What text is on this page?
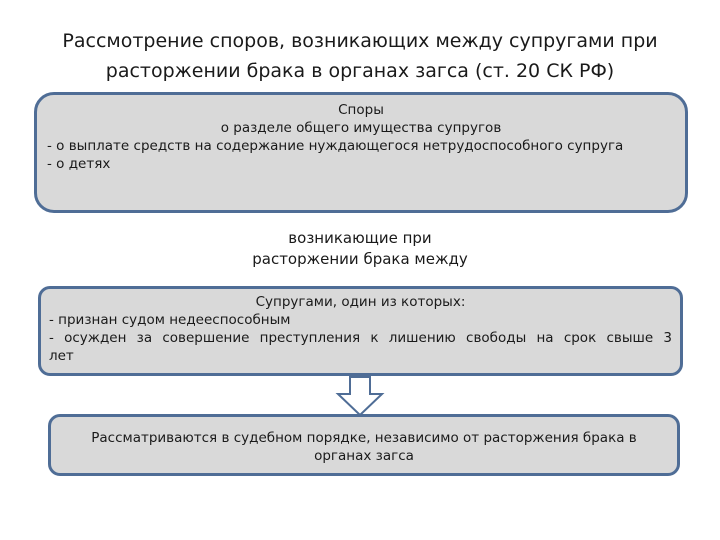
Рассмотрение споров, возникающих между супругами при
расторжении брака в органах загса (ст. 20 СК РФ)
Споры
о разделе общего имущества супругов
- о выплате средств на содержание нуждающегося нетрудоспособного супруга
- о детях
возникающие при
расторжении брака между
Супругами, один из которых:
- признан судом недееспособным
- осужден за совершение преступления к лишению свободы на срок свыше 3
лет
Рассматриваются в судебном порядке, независимо от расторжения брака в органах загса
